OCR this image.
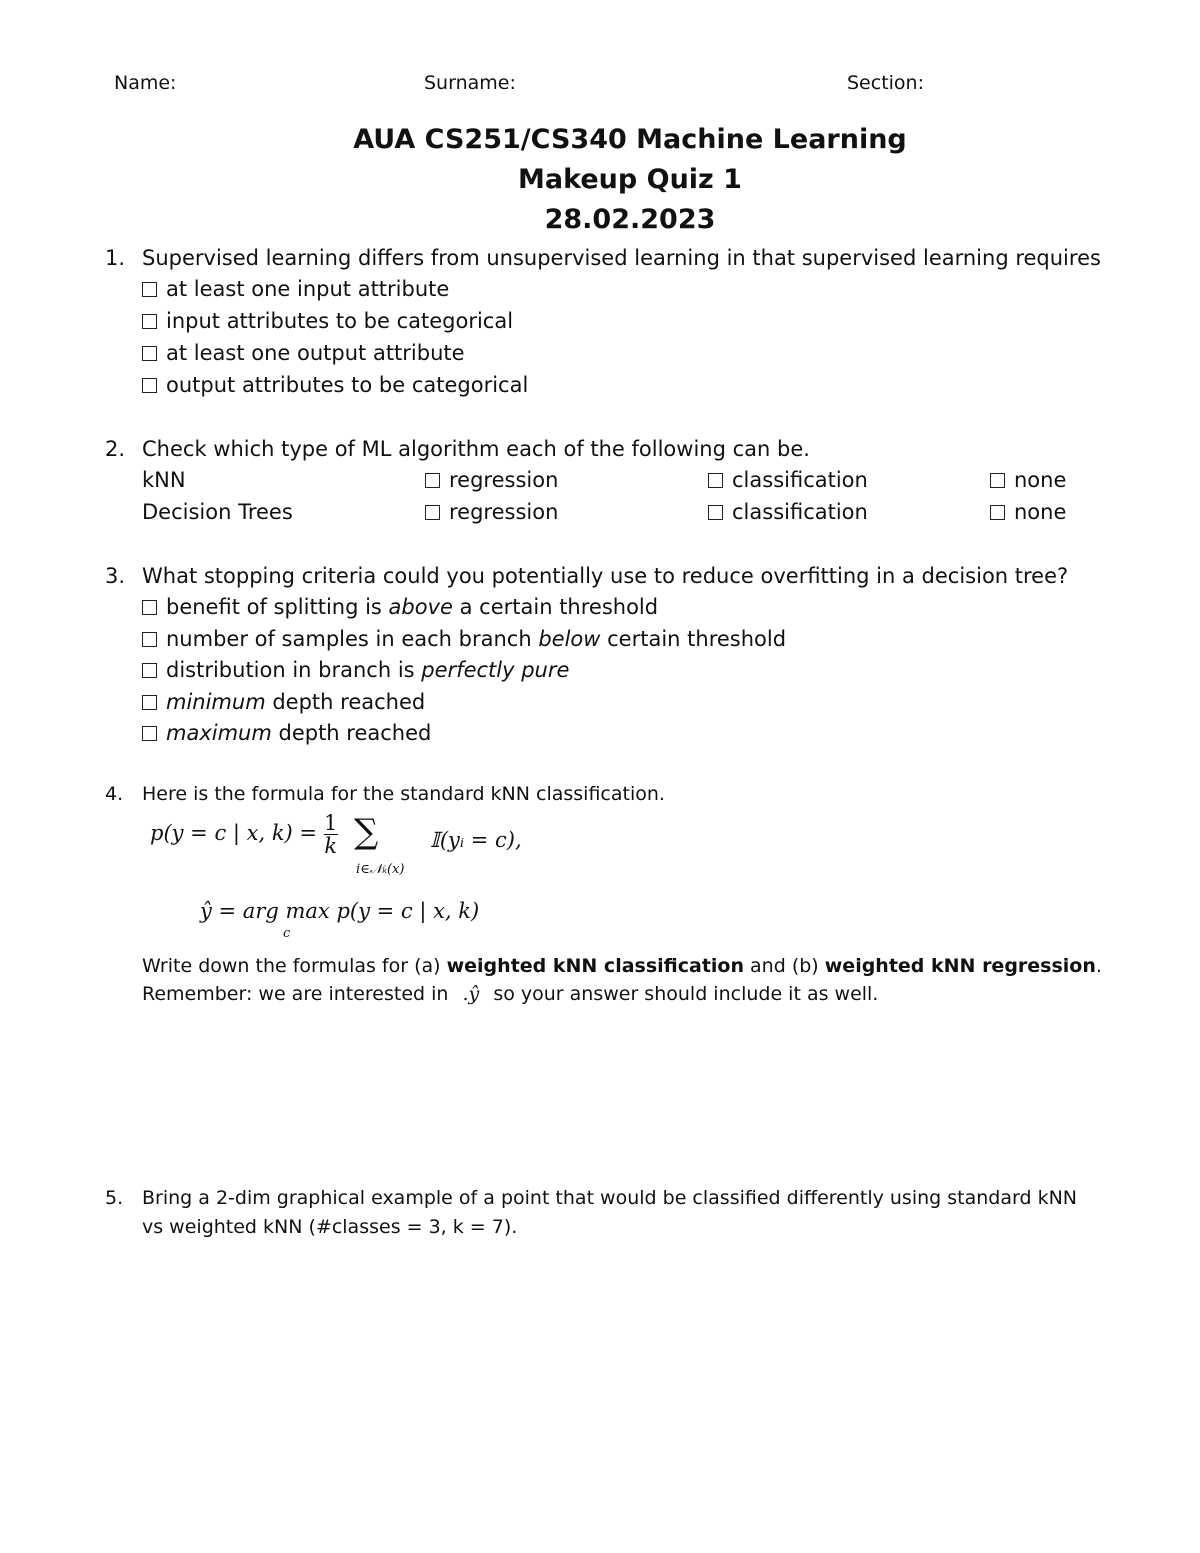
Name:	Surname:	Section:
AUA CS251/CS340 Machine Learning
Makeup Quiz 1
28.02.2023
1. Supervised learning differs from unsupervised learning in that supervised learning requires
at least one input attribute
input attributes to be categorical
at least one output attribute
output attributes to be categorical
2. Check which type of ML algorithm each of the following can be.
kNN	regression	classification	none
Decision Trees	regression	classification	none
3. What stopping criteria could you potentially use to reduce overfitting in a decision tree?
benefit of splitting is above a certain threshold
number of samples in each branch below certain threshold
distribution in branch is perfectly pure
minimum depth reached
maximum depth reached
4. Here is the formula for the standard kNN classification.
p(y = c | x, $k) = \frac{1}{k}$ ∑
i∈𝒩ₖ(x)
𝕀(yᵢ = c),
ŷ = arg max p(y = c | x, k)
c
Write down the formulas for (a) weighted kNN classification and (b) weighted kNN regression.
Remember: we are interested in .ŷ so your answer should include it as well.
5. Bring a 2-dim graphical example of a point that would be classified differently using standard kNN
vs weighted kNN (#classes = 3, k = 7).
